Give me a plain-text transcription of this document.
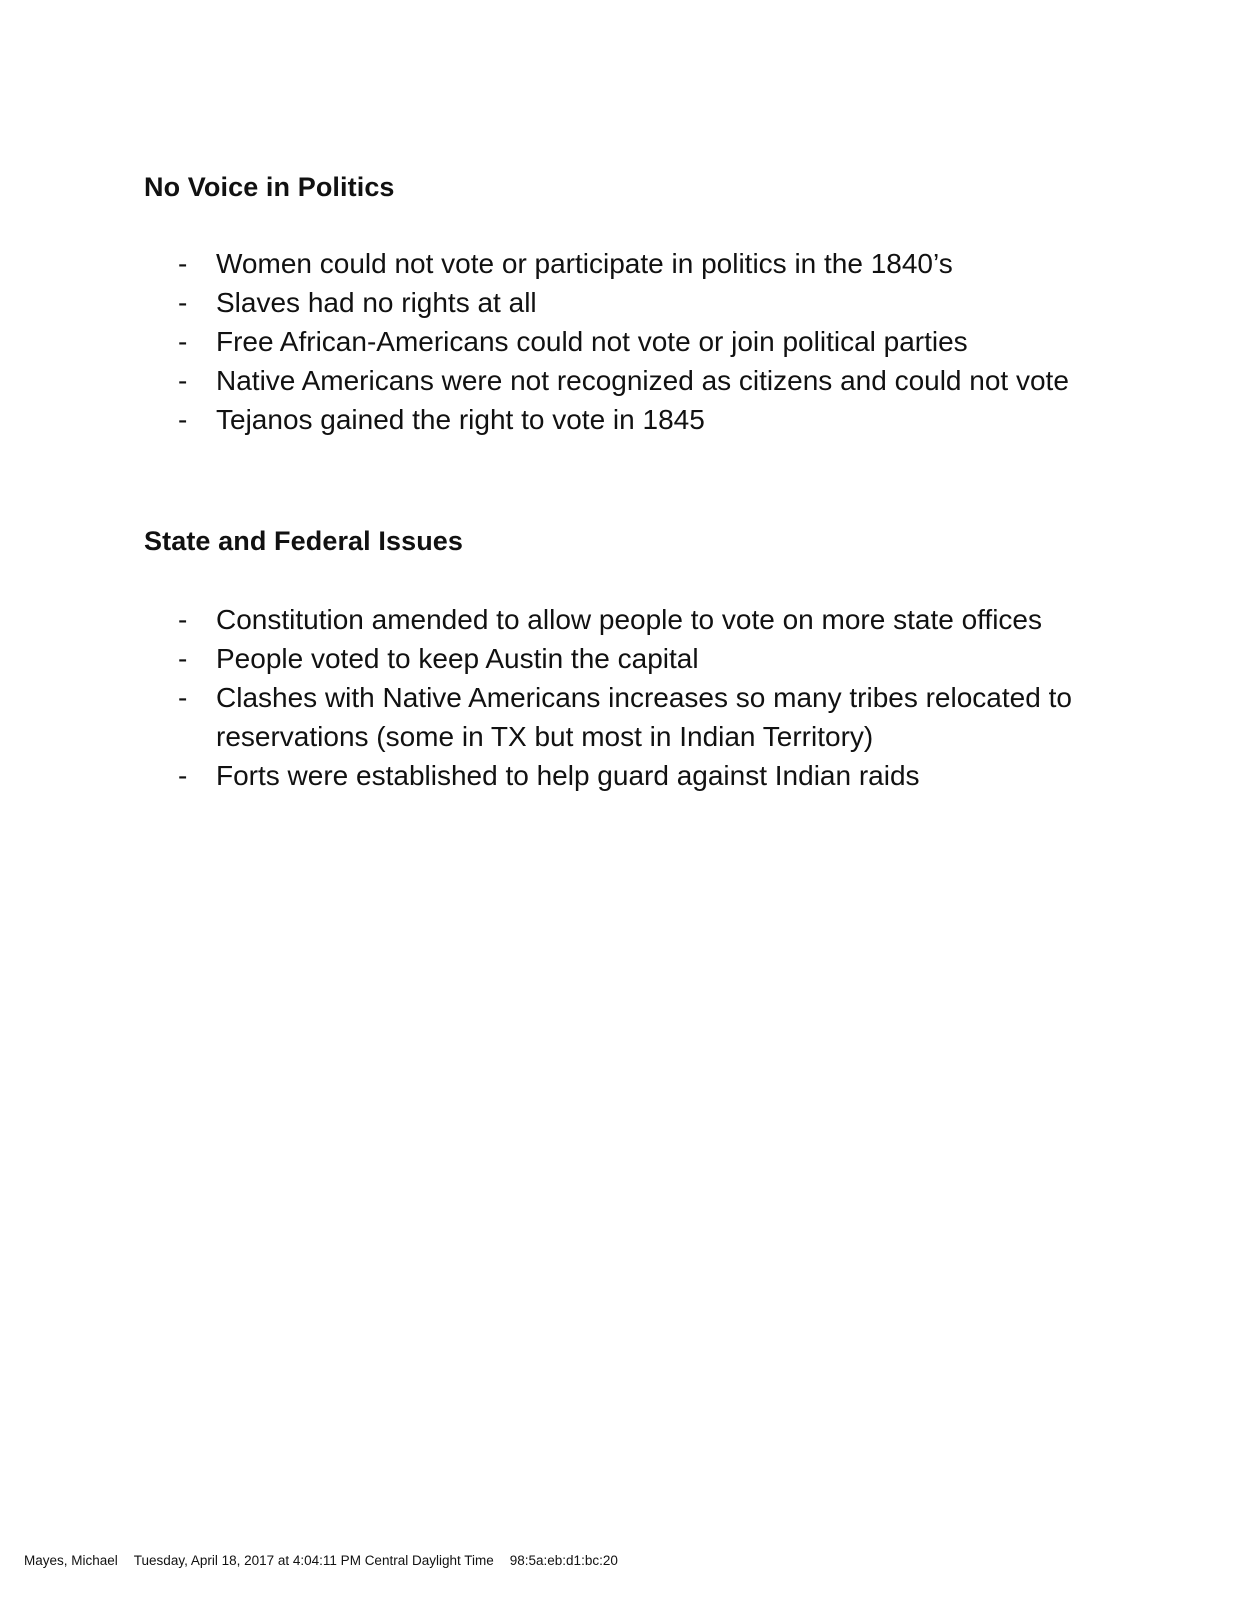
No Voice in Politics
- Women could not vote or participate in politics in the 1840’s
- Slaves had no rights at all
- Free African-Americans could not vote or join political parties
- Native Americans were not recognized as citizens and could not vote
- Tejanos gained the right to vote in 1845
State and Federal Issues
- Constitution amended to allow people to vote on more state offices
- People voted to keep Austin the capital
- Clashes with Native Americans increases so many tribes relocated to reservations (some in TX but most in Indian Territory)
- Forts were established to help guard against Indian raids
Mayes, Michael Tuesday, April 18, 2017 at 4:04:11 PM Central Daylight Time 98:5a:eb:d1:bc:20
